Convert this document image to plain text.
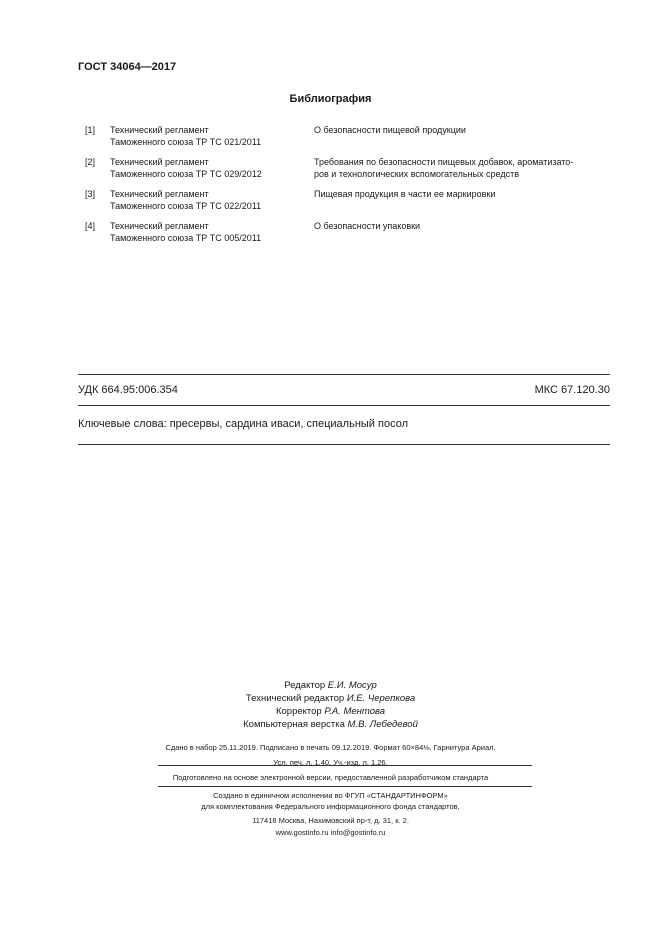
ГОСТ 34064—2017
Библиография
[1] Технический регламент
Таможенного союза ТР ТС 021/2011
О безопасности пищевой продукции

[2] Технический регламент
Таможенного союза ТР ТС 029/2012
Требования по безопасности пищевых добавок, ароматизато-
ров и технологических вспомогательных средств
[3] Технический регламент
Таможенного союза ТР ТС 022/2011
Пищевая продукция в части ее маркировки

[4] Технический регламент
Таможенного союза ТР ТС 005/2011
О безопасности упаковки

УДК 664.95:006.354	МКС 67.120.30
Ключевые слова: пресервы, сардина иваси, специальный посол
Редактор Е.И. Мосур
Технический редактор И.Е. Черепкова
Корректор Р.А. Ментова
Компьютерная верстка М.В. Лебедевой
Сдано в набор 25.11.2019. Подписано в печать 09.12.2019. Формат 60×84⅛. Гарнитура Ариал.
Усл. печ. л. 1,40. Уч.-изд. л. 1,26.
Подготовлено на основе электронной версии, предоставленной разработчиком стандарта
Создано в единичном исполнении во ФГУП «СТАНДАРТИНФОРМ»
для комплектования Федерального информационного фонда стандартов,
117418 Москва, Нахимовский пр-т, д. 31, к. 2.
www.gostinfo.ru info@gostinfo.ru
